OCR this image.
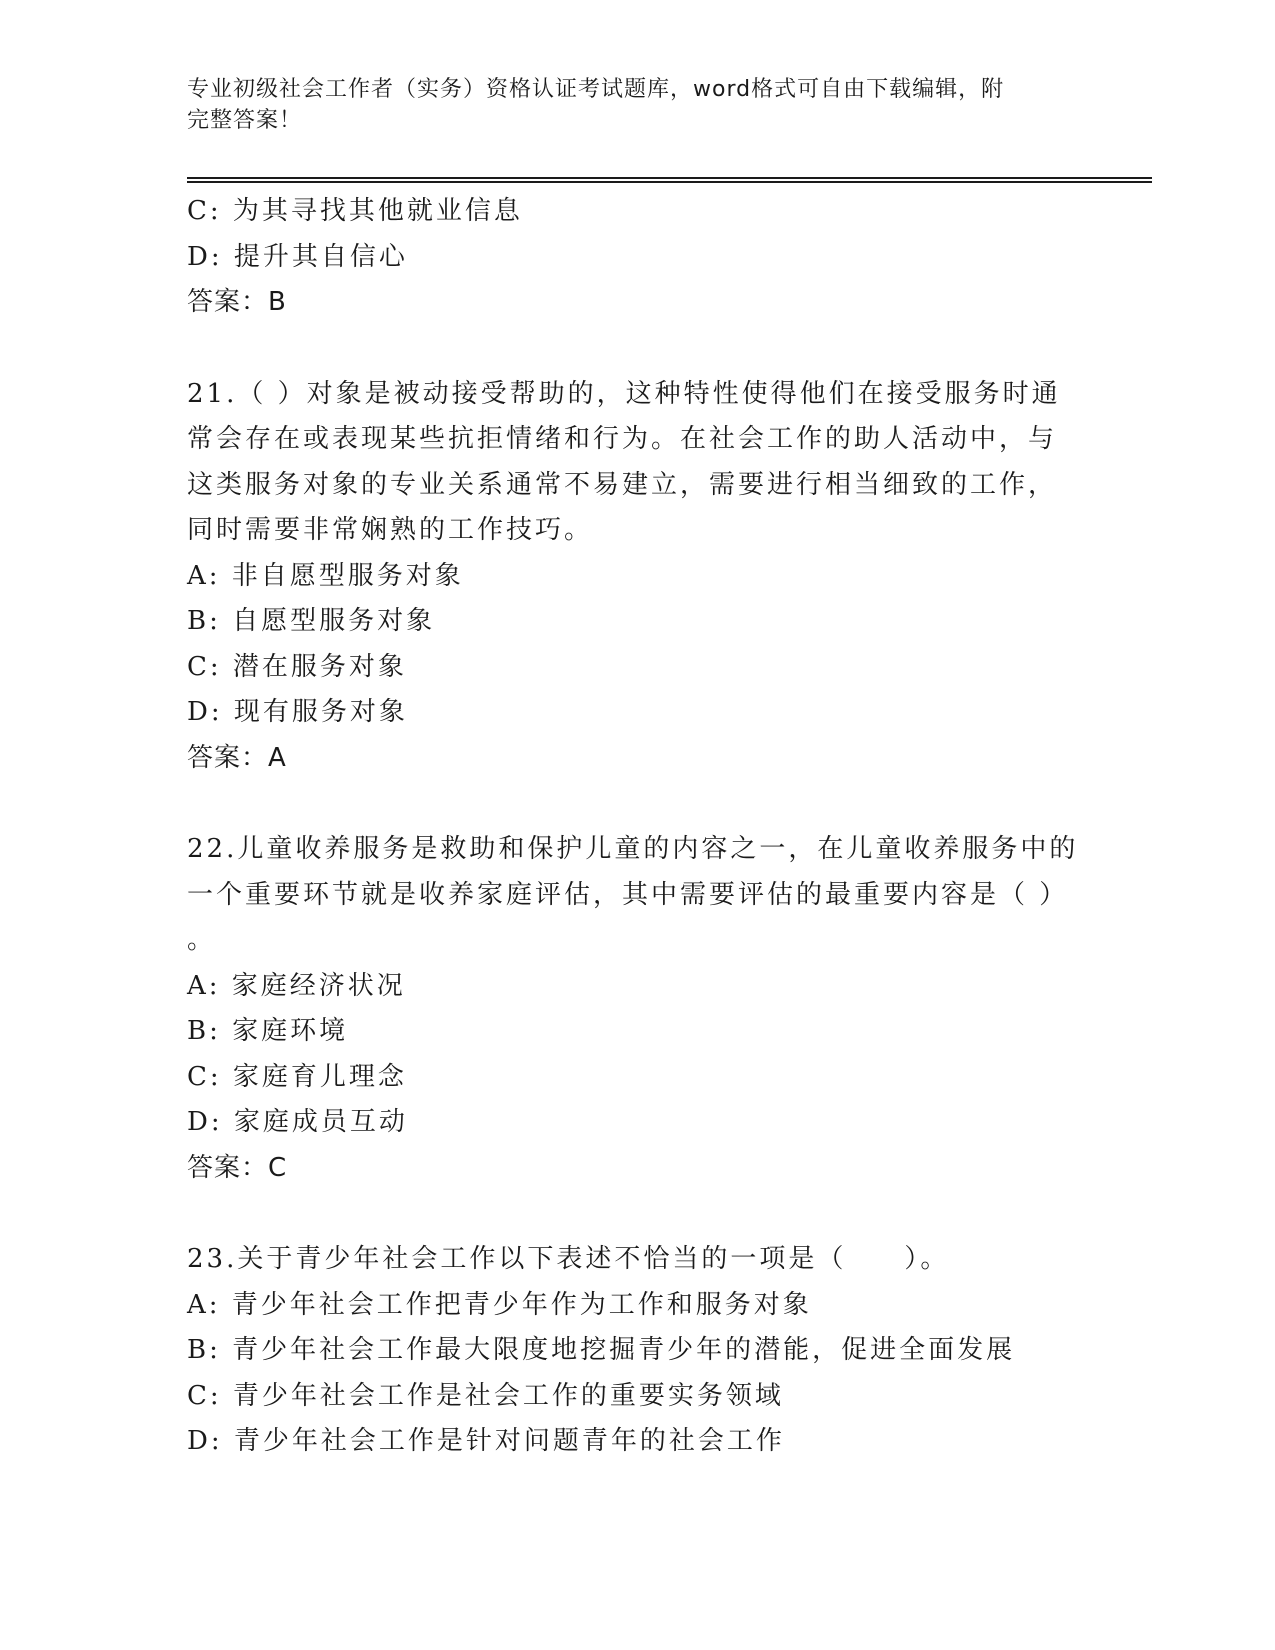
专业初级社会工作者（实务）资格认证考试题库，word格式可自由下载编辑，附
完整答案！
C: 为其寻找其他就业信息
D: 提升其自信心
答案：B
21.（ ）对象是被动接受帮助的，这种特性使得他们在接受服务时通
常会存在或表现某些抗拒情绪和行为。在社会工作的助人活动中，与
这类服务对象的专业关系通常不易建立，需要进行相当细致的工作，
同时需要非常娴熟的工作技巧。
A: 非自愿型服务对象
B: 自愿型服务对象
C: 潜在服务对象
D: 现有服务对象
答案：A
22.儿童收养服务是救助和保护儿童的内容之一，在儿童收养服务中的
一个重要环节就是收养家庭评估，其中需要评估的最重要内容是（ ）
。
A: 家庭经济状况
B: 家庭环境
C: 家庭育儿理念
D: 家庭成员互动
答案：C
23.关于青少年社会工作以下表述不恰当的一项是（　　）。
A: 青少年社会工作把青少年作为工作和服务对象
B: 青少年社会工作最大限度地挖掘青少年的潜能，促进全面发展
C: 青少年社会工作是社会工作的重要实务领域
D: 青少年社会工作是针对问题青年的社会工作
